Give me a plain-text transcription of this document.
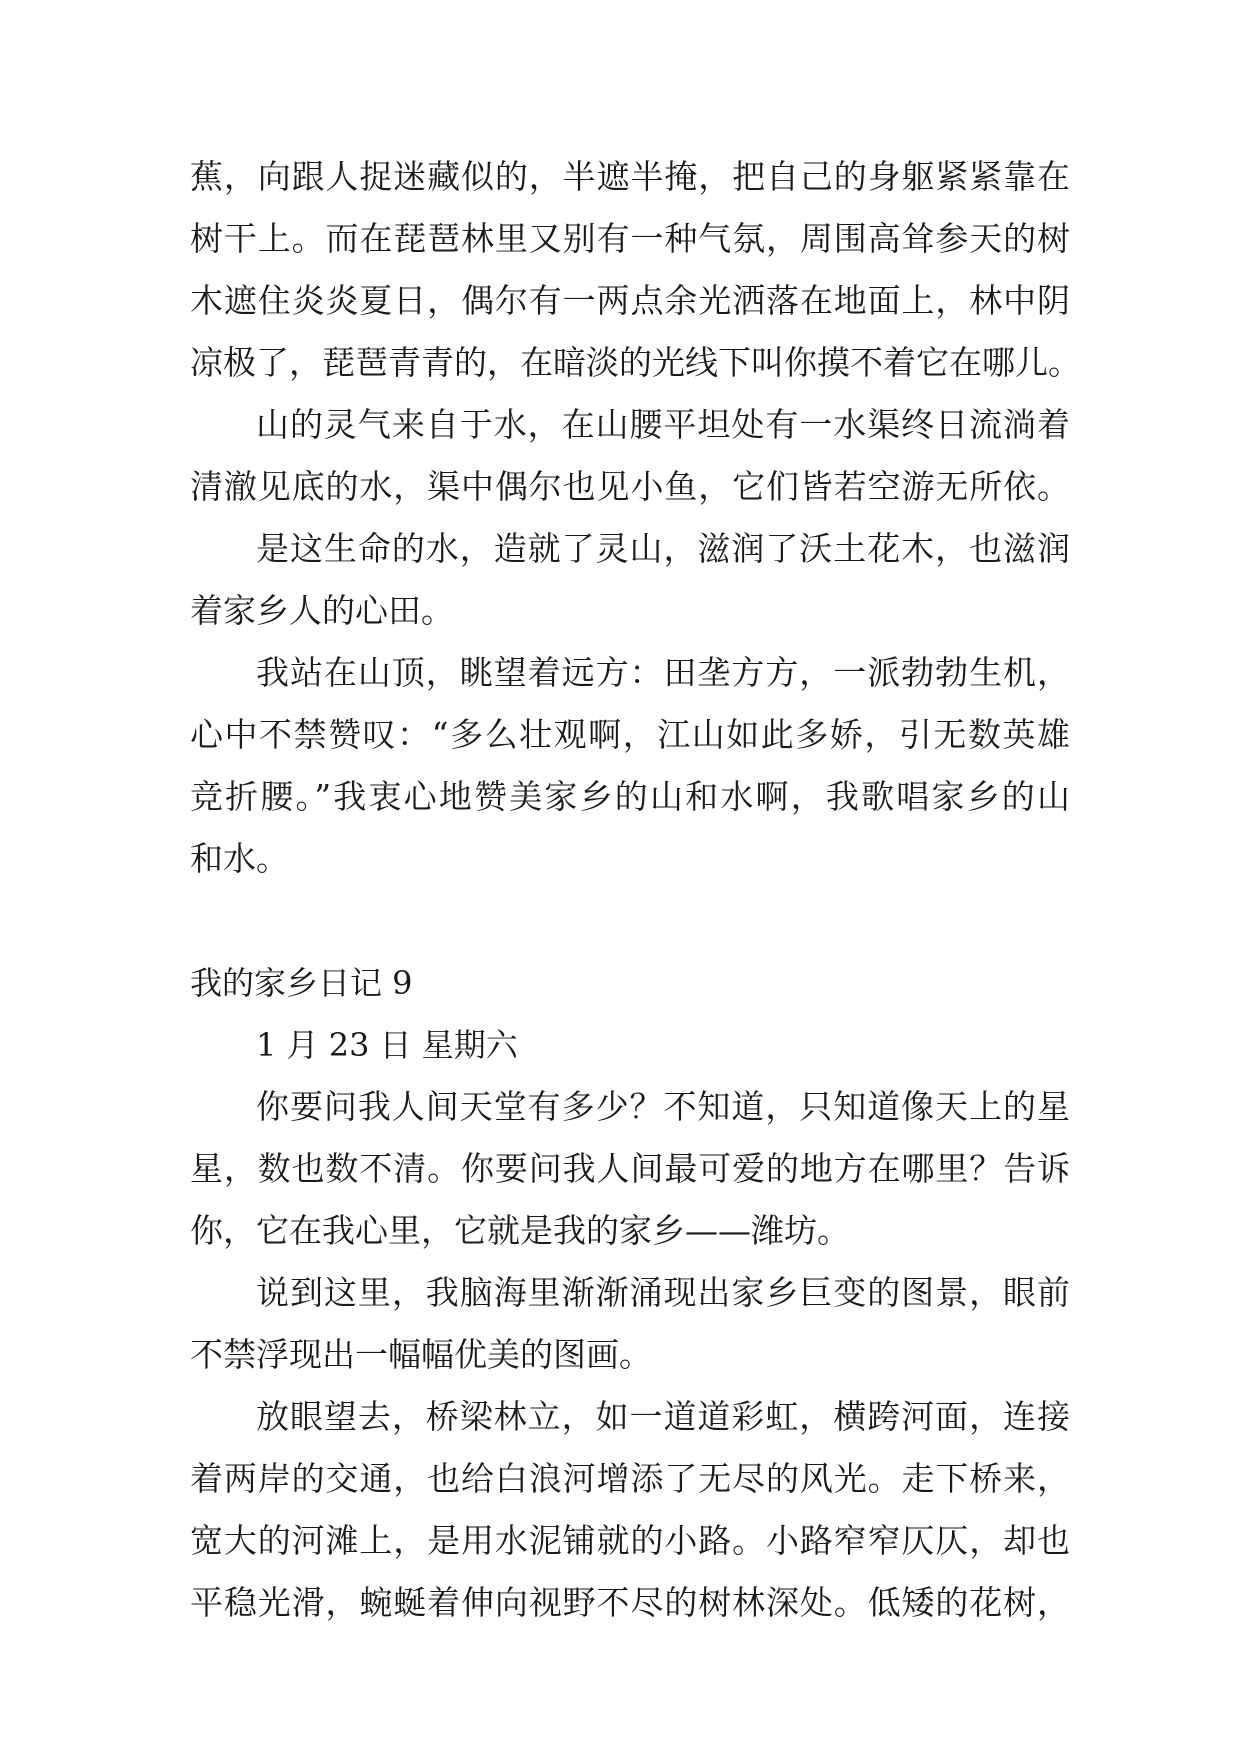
蕉，向跟人捉迷藏似的，半遮半掩，把自己的身躯紧紧靠在
树干上。而在琵琶林里又别有一种气氛，周围高耸参天的树
木遮住炎炎夏日，偶尔有一两点余光洒落在地面上，林中阴
凉极了，琵琶青青的，在暗淡的光线下叫你摸不着它在哪儿。
山的灵气来自于水，在山腰平坦处有一水渠终日流淌着
清澈见底的水，渠中偶尔也见小鱼，它们皆若空游无所依。
是这生命的水，造就了灵山，滋润了沃土花木，也滋润
着家乡人的心田。
我站在山顶，眺望着远方：田垄方方，一派勃勃生机，
心中不禁赞叹：“多么壮观啊，江山如此多娇，引无数英雄
竞折腰。”我衷心地赞美家乡的山和水啊，我歌唱家乡的山
和水。
我的家乡日记 9
1 月 23 日 星期六
你要问我人间天堂有多少？不知道，只知道像天上的星
星，数也数不清。你要问我人间最可爱的地方在哪里？告诉
你，它在我心里，它就是我的家乡——潍坊。
说到这里，我脑海里渐渐涌现出家乡巨变的图景，眼前
不禁浮现出一幅幅优美的图画。
放眼望去，桥梁林立，如一道道彩虹，横跨河面，连接
着两岸的交通，也给白浪河增添了无尽的风光。走下桥来，
宽大的河滩上，是用水泥铺就的小路。小路窄窄仄仄，却也
平稳光滑，蜿蜒着伸向视野不尽的树林深处。低矮的花树，
